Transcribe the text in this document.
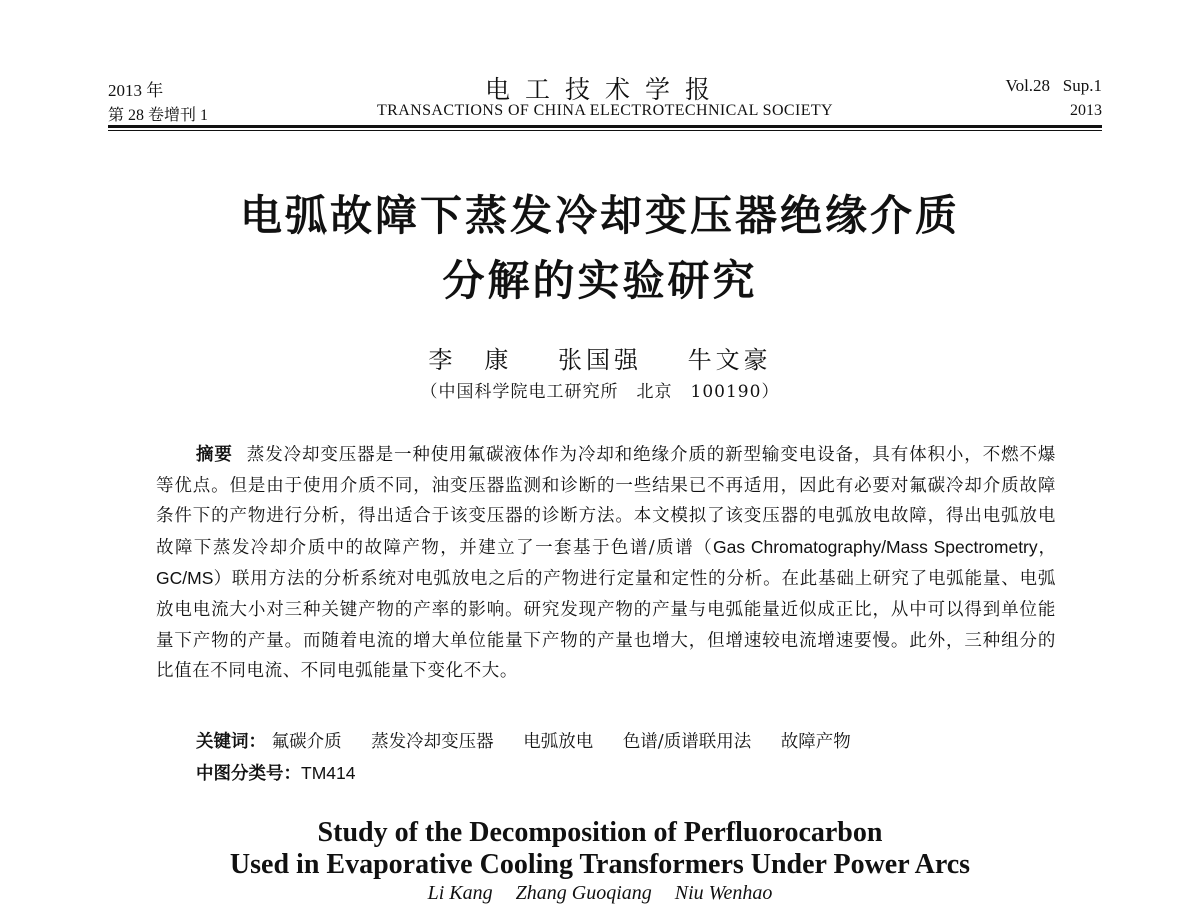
2013 年	电工技术学报	Vol.28   Sup.1
第 28 卷增刊 1	TRANSACTIONS OF CHINA ELECTROTECHNICAL SOCIETY	2013
电弧故障下蒸发冷却变压器绝缘介质
分解的实验研究
李　康 张国强 牛文豪
（中国科学院电工研究所　北京　100190）
摘要 蒸发冷却变压器是一种使用氟碳液体作为冷却和绝缘介质的新型输变电设备，具有体积小，不燃不爆等优点。但是由于使用介质不同，油变压器监测和诊断的一些结果已不再适用，因此有必要对氟碳冷却介质故障条件下的产物进行分析，得出适合于该变压器的诊断方法。本文模拟了该变压器的电弧放电故障，得出电弧放电故障下蒸发冷却介质中的故障产物，并建立了一套基于色谱/质谱（Gas Chromatography/Mass Spectrometry，GC/MS）联用方法的分析系统对电弧放电之后的产物进行定量和定性的分析。在此基础上研究了电弧能量、电弧放电电流大小对三种关键产物的产率的影响。研究发现产物的产量与电弧能量近似成正比，从中可以得到单位能量下产物的产量。而随着电流的增大单位能量下产物的产量也增大，但增速较电流增速要慢。此外，三种组分的比值在不同电流、不同电弧能量下变化不大。
关键词： 氟碳介质 蒸发冷却变压器 电弧放电 色谱/质谱联用法 故障产物
中图分类号：TM414
Study of the Decomposition of Perfluorocarbon
Used in Evaporative Cooling Transformers Under Power Arcs
Li Kang Zhang Guoqiang Niu Wenhao
